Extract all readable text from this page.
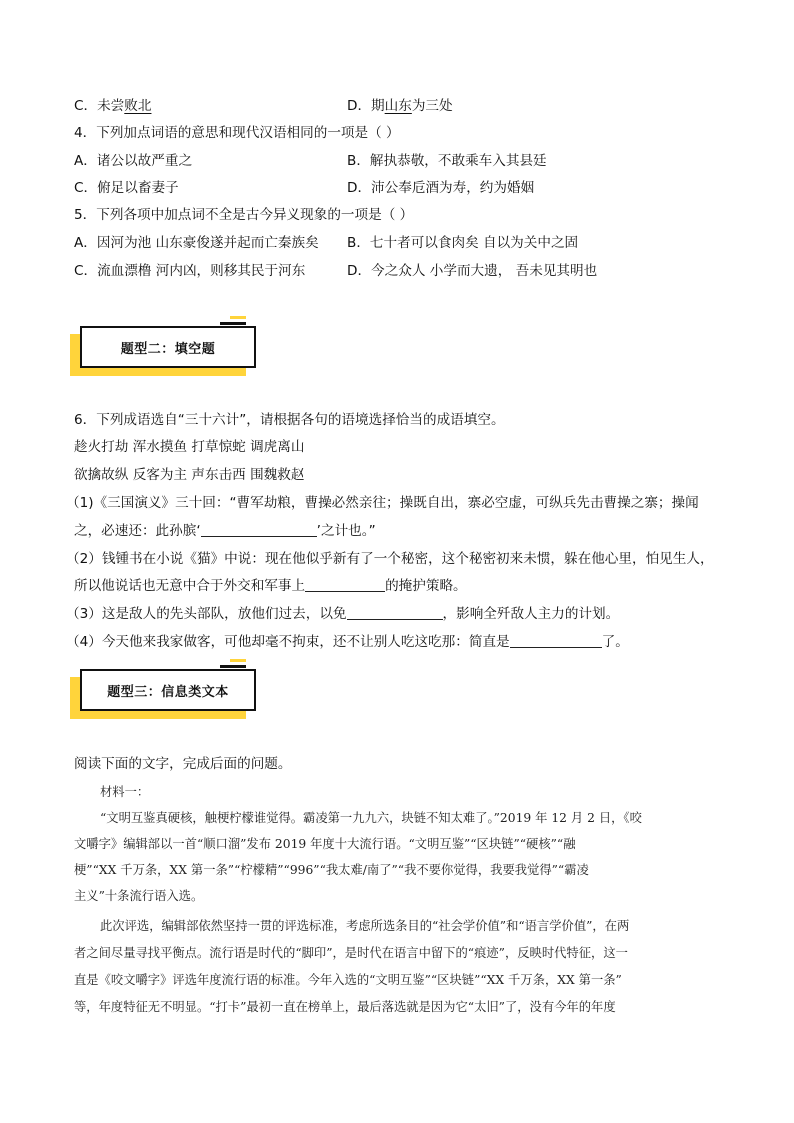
C．未尝败北	D．期山东为三处
4．下列加点词语的意思和现代汉语相同的一项是（ ）
A．诸公以故严重之	B．解执恭敬，不敢乘车入其县廷
C．俯足以畜妻子	D．沛公奉卮酒为寿，约为婚姻
5．下列各项中加点词不全是古今异义现象的一项是（ ）
A．因河为池 山东豪俊遂并起而亡秦族矣 B．七十者可以食肉矣 自以为关中之固
C．流血漂橹 河内凶，则移其民于河东	D．今之众人 小学而大遗， 吾未见其明也
题型二：填空题
6．下列成语选自“三十六计”，请根据各句的语境选择恰当的成语填空。
趁火打劫 浑水摸鱼 打草惊蛇 调虎离山
欲擒故纵 反客为主 声东击西 围魏救赵
（1)《三国演义》三十回：“曹军劫粮，曹操必然亲往；操既自出，寨必空虚，可纵兵先击曹操之寨；操闻
之，必速还：此孙膑‘	’之计也。”
（2）钱锺书在小说《猫》中说：现在他似乎新有了一个秘密，这个秘密初来未惯，躲在他心里，怕见生人，
所以他说话也无意中合于外交和军事上	的掩护策略。
（3）这是敌人的先头部队，放他们过去，以免	，影响全歼敌人主力的计划。
（4）今天他来我家做客，可他却毫不拘束，还不让别人吃这吃那：简直是	了。
题型三：信息类文本
阅读下面的文字，完成后面的问题。
材料一：
“文明互鉴真硬核，触梗柠檬谁觉得。霸凌第一九九六，块链不知太难了。”2019 年 12 月 2 日，《咬
文嚼字》编辑部以一首“顺口溜”发布 2019 年度十大流行语。“文明互鉴”“区块链”“硬核”“融
梗”“XX 千万条，XX 第一条”“柠檬精”“996”“我太难/南了”“我不要你觉得，我要我觉得”“霸凌
主义”十条流行语入选。
此次评选，编辑部依然坚持一贯的评选标准，考虑所选条目的“社会学价值”和“语言学价值”，在两
者之间尽量寻找平衡点。流行语是时代的“脚印”，是时代在语言中留下的“痕迹”，反映时代特征，这一
直是《咬文嚼字》评选年度流行语的标准。今年入选的“文明互鉴”“区块链”“XX 千万条，XX 第一条”
等，年度特征无不明显。“打卡”最初一直在榜单上，最后落选就是因为它“太旧”了，没有今年的年度
